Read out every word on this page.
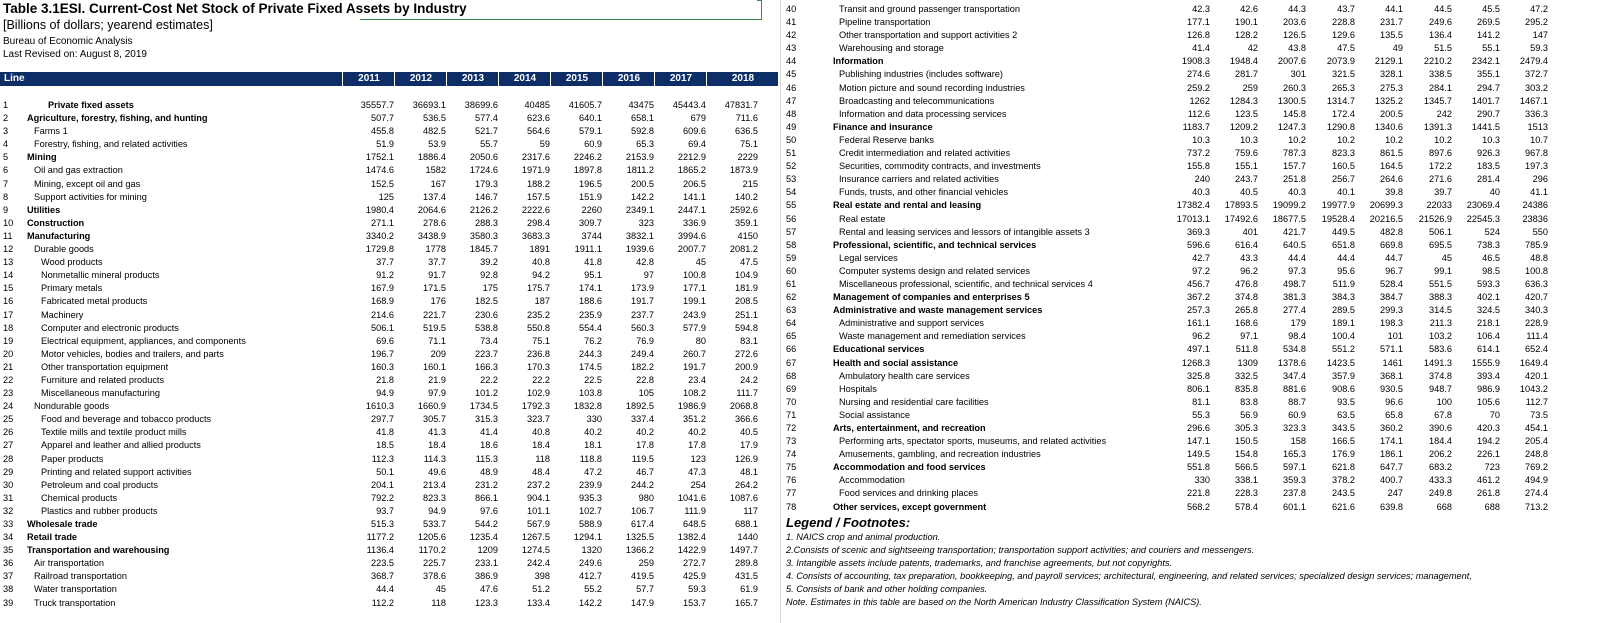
Table 3.1ESI. Current-Cost Net Stock of Private Fixed Assets by Industry
[Billions of dollars; yearend estimates]
Bureau of Economic Analysis
Last Revised on: August 8, 2019
Line	2011	2012	2013	2014	2015	2016	2017	2018
1	Private fixed assets	35557.7	36693.1	38699.6	40485	41605.7	43475	45443.4	47831.7
2	Agriculture, forestry, fishing, and hunting	507.7	536.5	577.4	623.6	640.1	658.1	679	711.6
3	Farms 1	455.8	482.5	521.7	564.6	579.1	592.8	609.6	636.5
4	Forestry, fishing, and related activities	51.9	53.9	55.7	59	60.9	65.3	69.4	75.1
5	Mining	1752.1	1886.4	2050.6	2317.6	2246.2	2153.9	2212.9	2229
6	Oil and gas extraction	1474.6	1582	1724.6	1971.9	1897.8	1811.2	1865.2	1873.9
7	Mining, except oil and gas	152.5	167	179.3	188.2	196.5	200.5	206.5	215
8	Support activities for mining	125	137.4	146.7	157.5	151.9	142.2	141.1	140.2
9	Utilities	1980.4	2064.6	2126.2	2222.6	2260	2349.1	2447.1	2592.6
10	Construction	271.1	278.6	288.3	298.4	309.7	323	336.9	359.1
11	Manufacturing	3340.2	3438.9	3580.3	3683.3	3744	3832.1	3994.6	4150
12	Durable goods	1729.8	1778	1845.7	1891	1911.1	1939.6	2007.7	2081.2
13	Wood products	37.7	37.7	39.2	40.8	41.8	42.8	45	47.5
14	Nonmetallic mineral products	91.2	91.7	92.8	94.2	95.1	97	100.8	104.9
15	Primary metals	167.9	171.5	175	175.7	174.1	173.9	177.1	181.9
16	Fabricated metal products	168.9	176	182.5	187	188.6	191.7	199.1	208.5
17	Machinery	214.6	221.7	230.6	235.2	235.9	237.7	243.9	251.1
18	Computer and electronic products	506.1	519.5	538.8	550.8	554.4	560.3	577.9	594.8
19	Electrical equipment, appliances, and components	69.6	71.1	73.4	75.1	76.2	76.9	80	83.1
20	Motor vehicles, bodies and trailers, and parts	196.7	209	223.7	236.8	244.3	249.4	260.7	272.6
21	Other transportation equipment	160.3	160.1	166.3	170.3	174.5	182.2	191.7	200.9
22	Furniture and related products	21.8	21.9	22.2	22.2	22.5	22.8	23.4	24.2
23	Miscellaneous manufacturing	94.9	97.9	101.2	102.9	103.8	105	108.2	111.7
24	Nondurable goods	1610.3	1660.9	1734.5	1792.3	1832.8	1892.5	1986.9	2068.8
25	Food and beverage and tobacco products	297.7	305.7	315.3	323.7	330	337.4	351.2	366.6
26	Textile mills and textile product mills	41.8	41.3	41.4	40.8	40.2	40.2	40.2	40.5
27	Apparel and leather and allied products	18.5	18.4	18.6	18.4	18.1	17.8	17.8	17.9
28	Paper products	112.3	114.3	115.3	118	118.8	119.5	123	126.9
29	Printing and related support activities	50.1	49.6	48.9	48.4	47.2	46.7	47.3	48.1
30	Petroleum and coal products	204.1	213.4	231.2	237.2	239.9	244.2	254	264.2
31	Chemical products	792.2	823.3	866.1	904.1	935.3	980	1041.6	1087.6
32	Plastics and rubber products	93.7	94.9	97.6	101.1	102.7	106.7	111.9	117
33	Wholesale trade	515.3	533.7	544.2	567.9	588.9	617.4	648.5	688.1
34	Retail trade	1177.2	1205.6	1235.4	1267.5	1294.1	1325.5	1382.4	1440
35	Transportation and warehousing	1136.4	1170.2	1209	1274.5	1320	1366.2	1422.9	1497.7
36	Air transportation	223.5	225.7	233.1	242.4	249.6	259	272.7	289.8
37	Railroad transportation	368.7	378.6	386.9	398	412.7	419.5	425.9	431.5
38	Water transportation	44.4	45	47.6	51.2	55.2	57.7	59.3	61.9
39	Truck transportation	112.2	118	123.3	133.4	142.2	147.9	153.7	165.7
40	Transit and ground passenger transportation	42.3	42.6	44.3	43.7	44.1	44.5	45.5	47.2
41	Pipeline transportation	177.1	190.1	203.6	228.8	231.7	249.6	269.5	295.2
42	Other transportation and support activities 2	126.8	128.2	126.5	129.6	135.5	136.4	141.2	147
43	Warehousing and storage	41.4	42	43.8	47.5	49	51.5	55.1	59.3
44	Information	1908.3	1948.4	2007.6	2073.9	2129.1	2210.2	2342.1	2479.4
45	Publishing industries (includes software)	274.6	281.7	301	321.5	328.1	338.5	355.1	372.7
46	Motion picture and sound recording industries	259.2	259	260.3	265.3	275.3	284.1	294.7	303.2
47	Broadcasting and telecommunications	1262	1284.3	1300.5	1314.7	1325.2	1345.7	1401.7	1467.1
48	Information and data processing services	112.6	123.5	145.8	172.4	200.5	242	290.7	336.3
49	Finance and insurance	1183.7	1209.2	1247.3	1290.8	1340.6	1391.3	1441.5	1513
50	Federal Reserve banks	10.3	10.3	10.2	10.2	10.2	10.2	10.3	10.7
51	Credit intermediation and related activities	737.2	759.6	787.3	823.3	861.5	897.6	926.3	967.8
52	Securities, commodity contracts, and investments	155.8	155.1	157.7	160.5	164.5	172.2	183.5	197.3
53	Insurance carriers and related activities	240	243.7	251.8	256.7	264.6	271.6	281.4	296
54	Funds, trusts, and other financial vehicles	40.3	40.5	40.3	40.1	39.8	39.7	40	41.1
55	Real estate and rental and leasing	17382.4	17893.5	19099.2	19977.9	20699.3	22033	23069.4	24386
56	Real estate	17013.1	17492.6	18677.5	19528.4	20216.5	21526.9	22545.3	23836
57	Rental and leasing services and lessors of intangible assets 3	369.3	401	421.7	449.5	482.8	506.1	524	550
58	Professional, scientific, and technical services	596.6	616.4	640.5	651.8	669.8	695.5	738.3	785.9
59	Legal services	42.7	43.3	44.4	44.4	44.7	45	46.5	48.8
60	Computer systems design and related services	97.2	96.2	97.3	95.6	96.7	99.1	98.5	100.8
61	Miscellaneous professional, scientific, and technical services 4	456.7	476.8	498.7	511.9	528.4	551.5	593.3	636.3
62	Management of companies and enterprises 5	367.2	374.8	381.3	384.3	384.7	388.3	402.1	420.7
63	Administrative and waste management services	257.3	265.8	277.4	289.5	299.3	314.5	324.5	340.3
64	Administrative and support services	161.1	168.6	179	189.1	198.3	211.3	218.1	228.9
65	Waste management and remediation services	96.2	97.1	98.4	100.4	101	103.2	106.4	111.4
66	Educational services	497.1	511.8	534.8	551.2	571.1	583.6	614.1	652.4
67	Health and social assistance	1268.3	1309	1378.6	1423.5	1461	1491.3	1555.9	1649.4
68	Ambulatory health care services	325.8	332.5	347.4	357.9	368.1	374.8	393.4	420.1
69	Hospitals	806.1	835.8	881.6	908.6	930.5	948.7	986.9	1043.2
70	Nursing and residential care facilities	81.1	83.8	88.7	93.5	96.6	100	105.6	112.7
71	Social assistance	55.3	56.9	60.9	63.5	65.8	67.8	70	73.5
72	Arts, entertainment, and recreation	296.6	305.3	323.3	343.5	360.2	390.6	420.3	454.1
73	Performing arts, spectator sports, museums, and related activities	147.1	150.5	158	166.5	174.1	184.4	194.2	205.4
74	Amusements, gambling, and recreation industries	149.5	154.8	165.3	176.9	186.1	206.2	226.1	248.8
75	Accommodation and food services	551.8	566.5	597.1	621.8	647.7	683.2	723	769.2
76	Accommodation	330	338.1	359.3	378.2	400.7	433.3	461.2	494.9
77	Food services and drinking places	221.8	228.3	237.8	243.5	247	249.8	261.8	274.4
78	Other services, except government	568.2	578.4	601.1	621.6	639.8	668	688	713.2
Legend / Footnotes:
1. NAICS crop and animal production.
2.Consists of scenic and sightseeing transportation; transportation support activities; and couriers and messengers.
3. Intangible assets include patents, trademarks, and franchise agreements, but not copyrights.
4. Consists of accounting, tax preparation, bookkeeping, and payroll services; architectural, engineering, and related services; specialized design services; management,
5. Consists of bank and other holding companies.
Note. Estimates in this table are based on the North American Industry Classification System (NAICS).
